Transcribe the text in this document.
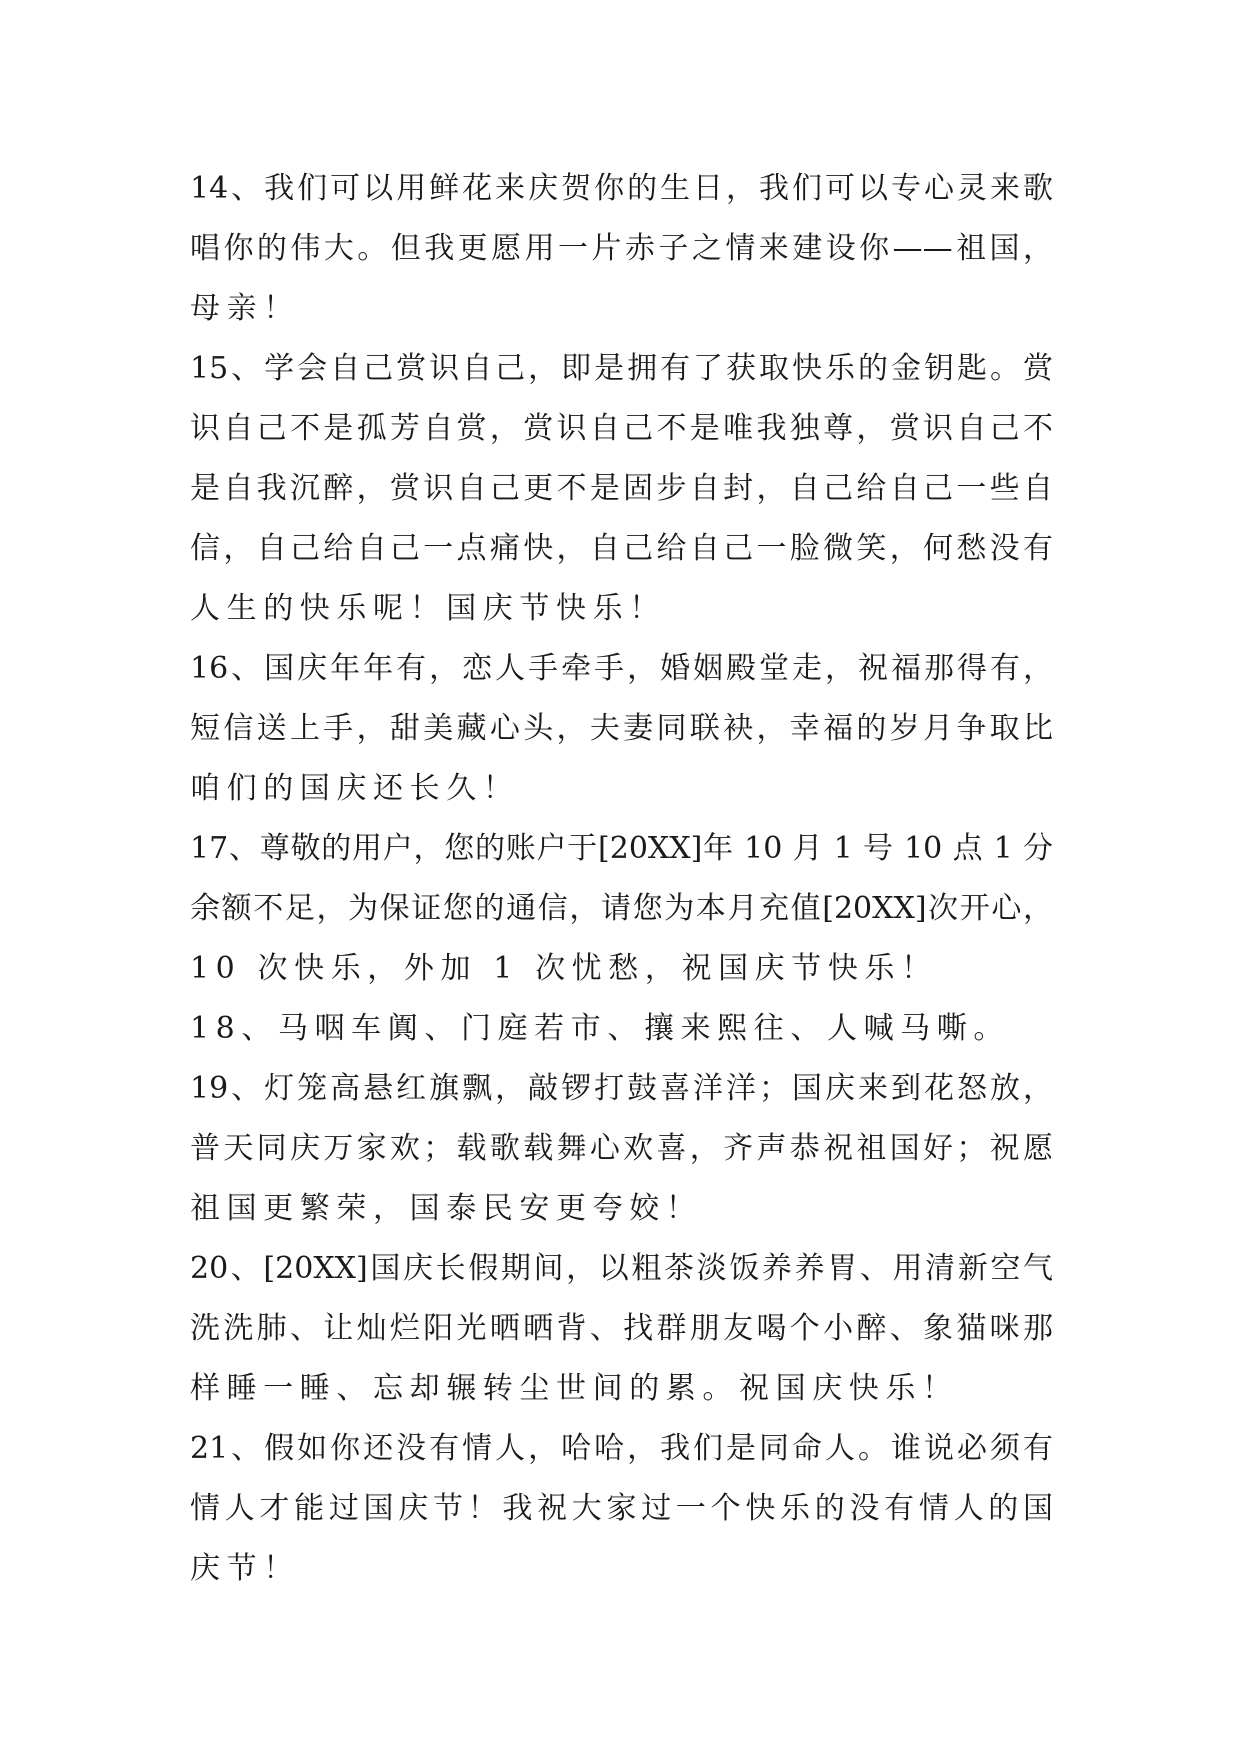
14、我们可以用鲜花来庆贺你的生日，我们可以专心灵来歌
唱你的伟大。但我更愿用一片赤子之情来建设你——祖国，
母亲！
15、学会自己赏识自己，即是拥有了获取快乐的金钥匙。赏
识自己不是孤芳自赏，赏识自己不是唯我独尊，赏识自己不
是自我沉醉，赏识自己更不是固步自封，自己给自己一些自
信，自己给自己一点痛快，自己给自己一脸微笑，何愁没有
人生的快乐呢！国庆节快乐！
16、国庆年年有，恋人手牵手，婚姻殿堂走，祝福那得有，
短信送上手，甜美藏心头，夫妻同联袂，幸福的岁月争取比
咱们的国庆还长久！
17、尊敬的用户，您的账户于[20XX]年 10 月 1 号 10 点 1 分
余额不足，为保证您的通信，请您为本月充值[20XX]次开心，
10 次快乐，外加 1 次忧愁，祝国庆节快乐！
18、马咽车阗、门庭若市、攘来熙往、人喊马嘶。
19、灯笼高悬红旗飘，敲锣打鼓喜洋洋；国庆来到花怒放，
普天同庆万家欢；载歌载舞心欢喜，齐声恭祝祖国好；祝愿
祖国更繁荣，国泰民安更夸姣！
20、[20XX]国庆长假期间，以粗茶淡饭养养胃、用清新空气
洗洗肺、让灿烂阳光晒晒背、找群朋友喝个小醉、象猫咪那
样睡一睡、忘却辗转尘世间的累。祝国庆快乐！
21、假如你还没有情人，哈哈，我们是同命人。谁说必须有
情人才能过国庆节！我祝大家过一个快乐的没有情人的国
庆节！
